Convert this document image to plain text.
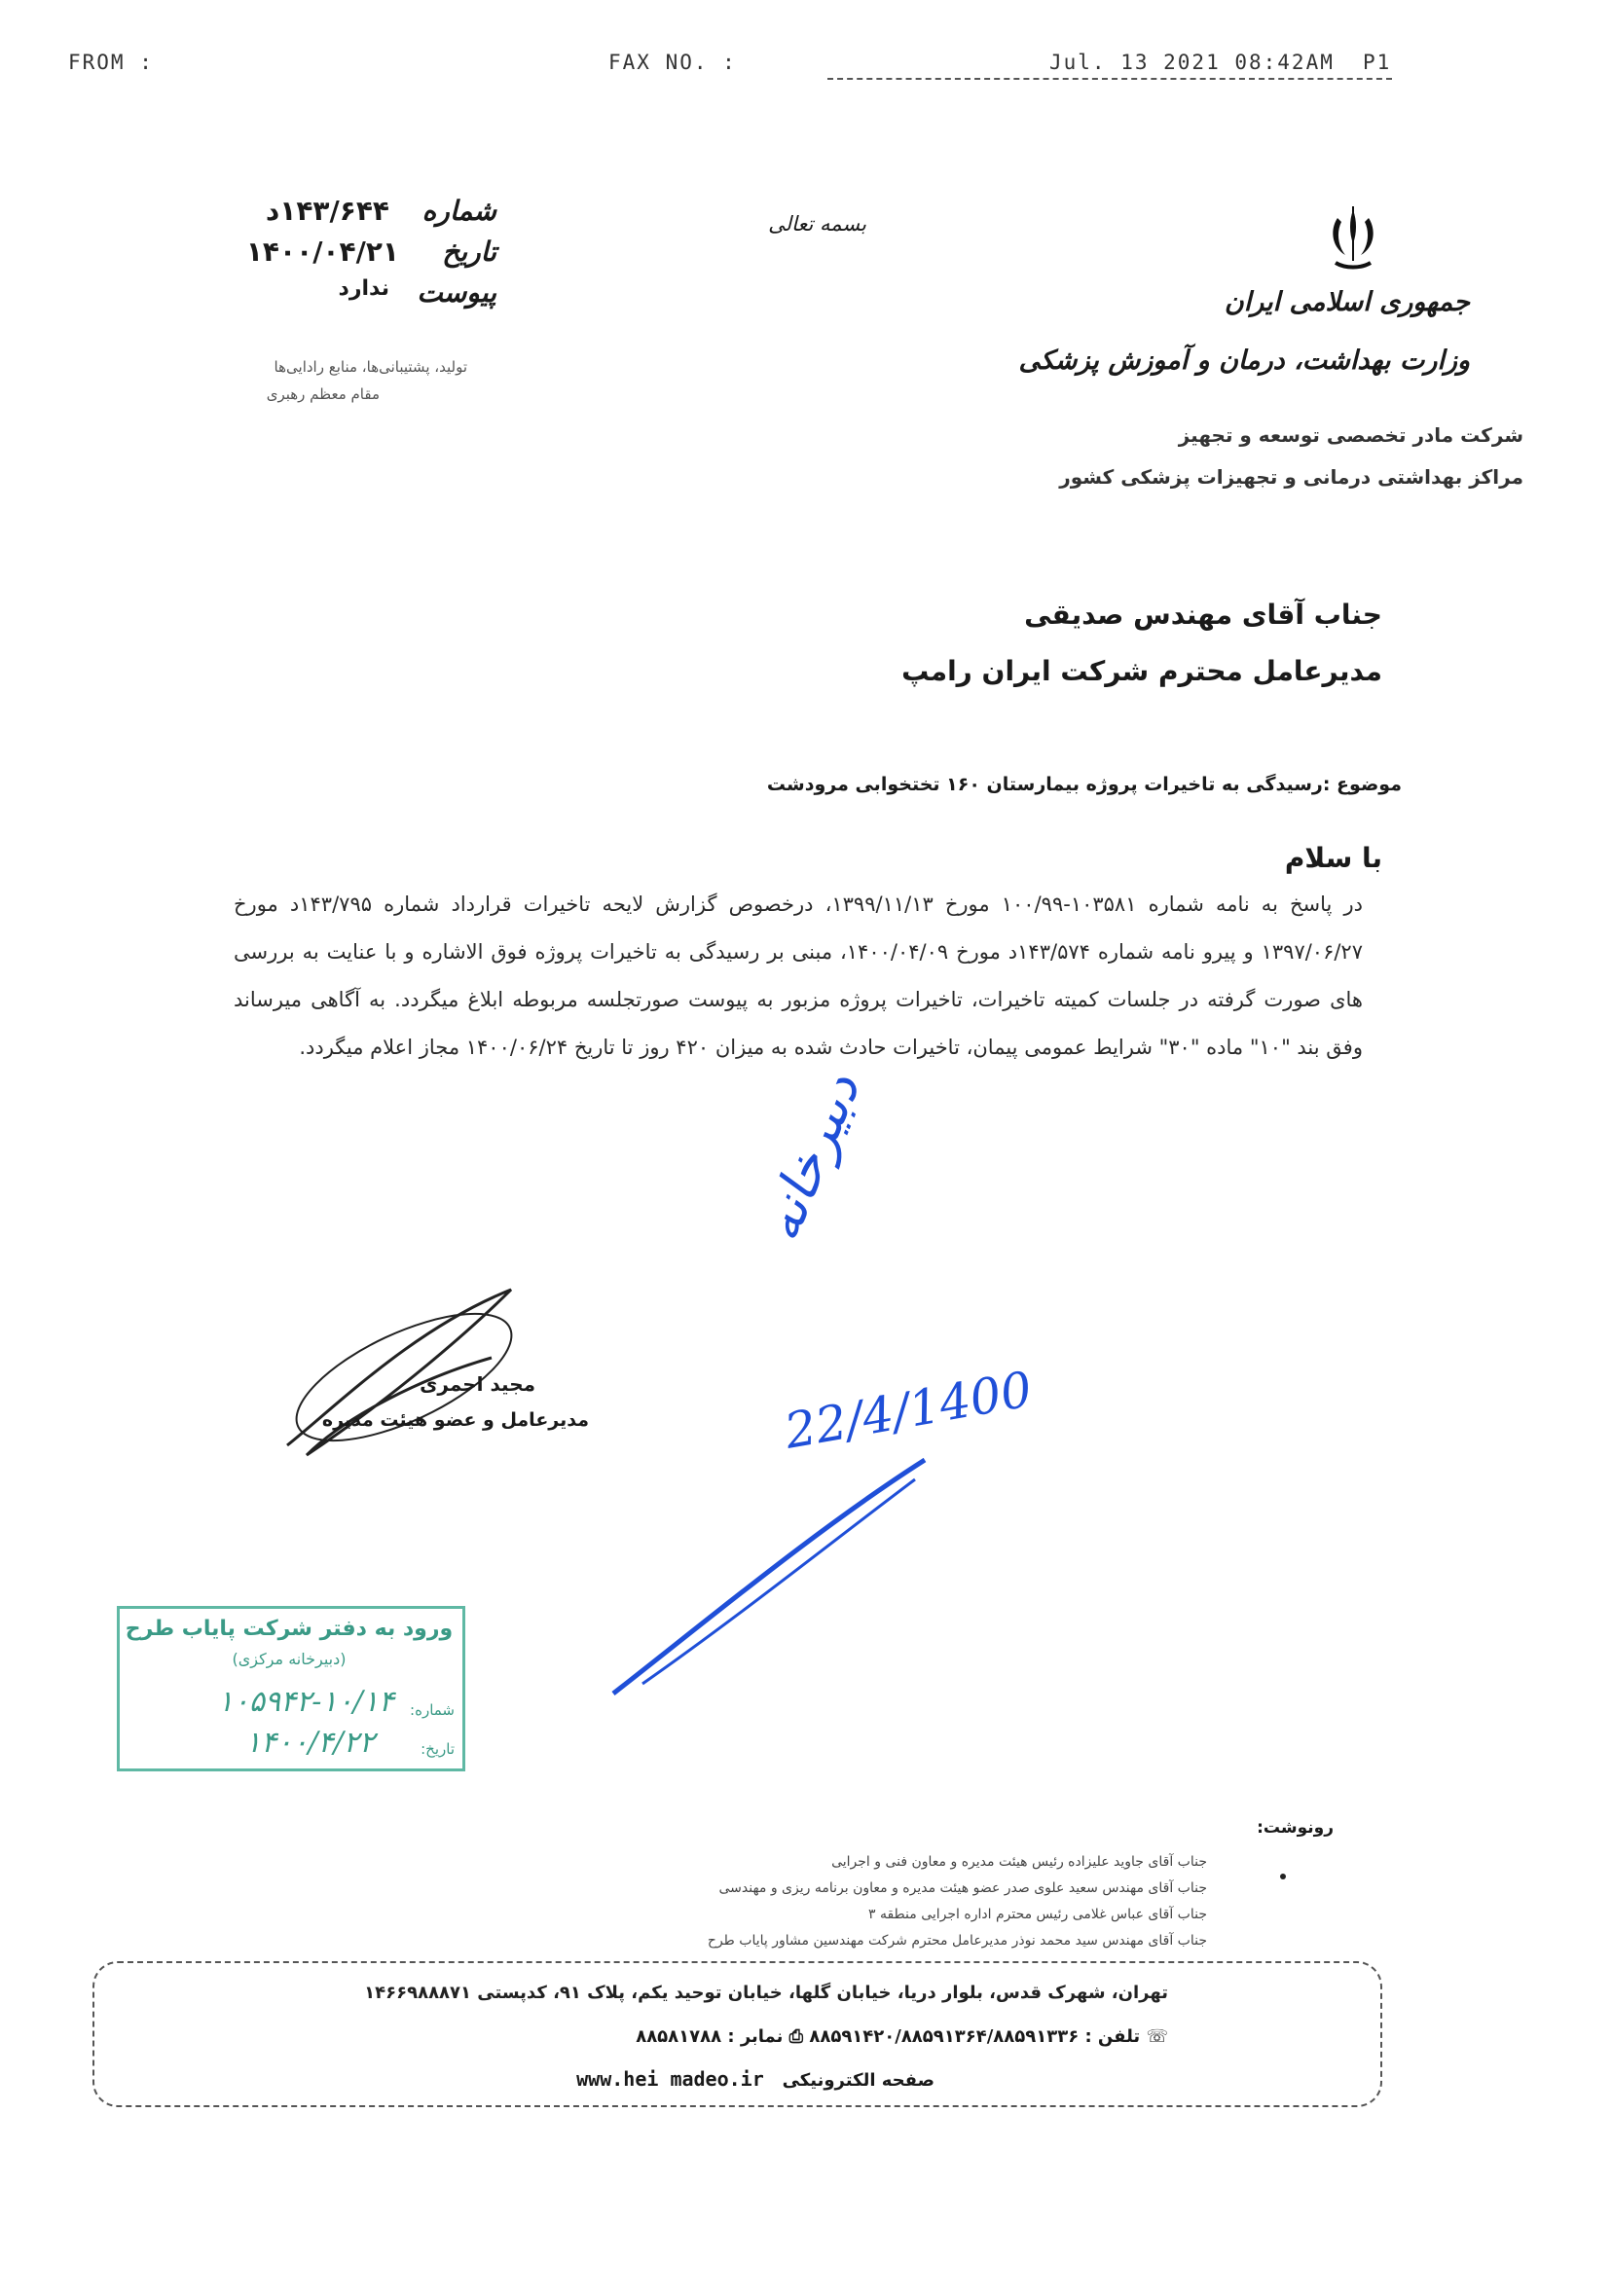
FROM :	FAX NO. :	Jul. 13 2021 08:42AM P1
بسمه تعالی
شماره
۱۴۳/۶۴۴د
تاریخ
۱۴۰۰/۰۴/۲۱
پیوست
ندارد
تولید، پشتیبانی‌ها، منابع رادایی‌ها
مقام معظم رهبری
جمهوری اسلامی ایران
وزارت بهداشت، درمان و آموزش پزشکی
شرکت مادر تخصصی توسعه و تجهیز
مراکز بهداشتی درمانی و تجهیزات پزشکی کشور
جناب آقای مهندس صدیقی
مدیرعامل محترم شرکت ایران رامپ
موضوع :رسیدگی به تاخیرات پروژه بیمارستان ۱۶۰ تختخوابی مرودشت
با سلام
در پاسخ به نامه شماره ۱۰۳۵۸۱-۱۰۰/۹۹ مورخ ۱۳۹۹/۱۱/۱۳، درخصوص گزارش لایحه تاخیرات قرارداد شماره ۱۴۳/۷۹۵د مورخ ۱۳۹۷/۰۶/۲۷ و پیرو نامه شماره ۱۴۳/۵۷۴د مورخ ۱۴۰۰/۰۴/۰۹، مبنی بر رسیدگی به تاخیرات پروژه فوق الاشاره و با عنایت به بررسی های صورت گرفته در جلسات کمیته تاخیرات، تاخیرات پروژه مزبور به پیوست صورتجلسه مربوطه ابلاغ میگردد. به آگاهی میرساند وفق بند "۱۰" ماده "۳۰" شرایط عمومی پیمان، تاخیرات حادث شده به میزان ۴۲۰ روز تا تاریخ ۱۴۰۰/۰۶/۲۴ مجاز اعلام میگردد.
مجید احمری
مدیرعامل و عضو هیئت مدیره
دبیرخانه
22/4/1400
ورود به دفتر شرکت پایاب طرح
(دبیرخانه مرکزی)
شماره:
۱۰۵۹۴۲-۱۰/۱۴
تاریخ:
۱۴۰۰/۴/۲۲
رونوشت:
جناب آقای جاوید علیزاده رئیس هیئت مدیره و معاون فنی و اجرایی
جناب آقای مهندس سعید علوی صدر عضو هیئت مدیره و معاون برنامه ریزی و مهندسی
جناب آقای عباس غلامی رئیس محترم اداره اجرایی منطقه ۳
جناب آقای مهندس سید محمد نوذر مدیرعامل محترم شرکت مهندسین مشاور پایاب طرح
تهران، شهرک قدس، بلوار دریا، خیابان گلها، خیابان توحید یکم، پلاک ۹۱، کدپستی ۱۴۶۶۹۸۸۸۷۱
☏ تلفن : ۸۸۵۹۱۴۲۰/۸۸۵۹۱۳۶۴/۸۸۵۹۱۳۳۶ ⎙ نمابر : ۸۸۵۸۱۷۸۸
صفحه الکترونیکی   www.hei madeo.ir
